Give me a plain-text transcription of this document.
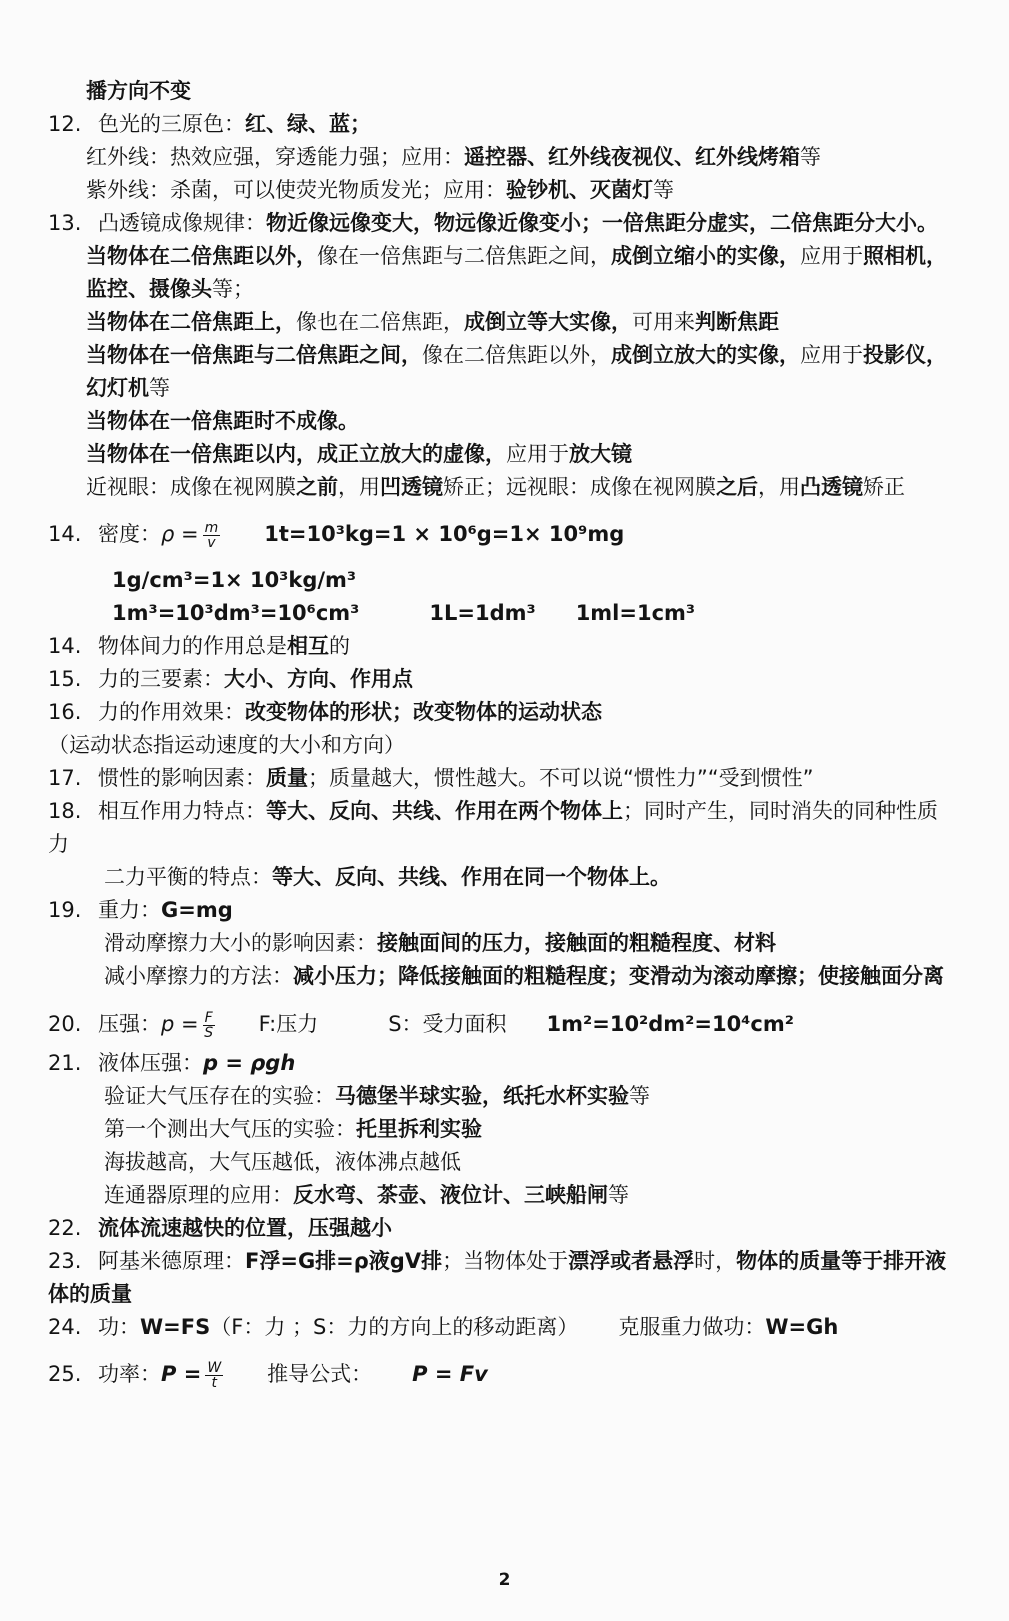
播方向不变
12. 色光的三原色：红、绿、蓝；
红外线：热效应强，穿透能力强；应用：遥控器、红外线夜视仪、红外线烤箱等
紫外线：杀菌，可以使荧光物质发光；应用：验钞机、灭菌灯等
13. 凸透镜成像规律：物近像远像变大，物远像近像变小；一倍焦距分虚实，二倍焦距分大小。
当物体在二倍焦距以外，像在一倍焦距与二倍焦距之间，成倒立缩小的实像，应用于照相机，监控、摄像头等；
当物体在二倍焦距上，像也在二倍焦距，成倒立等大实像，可用来判断焦距
当物体在一倍焦距与二倍焦距之间，像在二倍焦距以外，成倒立放大的实像，应用于投影仪，幻灯机等
当物体在一倍焦距时不成像。
当物体在一倍焦距以内，成正立放大的虚像，应用于放大镜
近视眼：成像在视网膜之前，用凹透镜矫正；远视眼：成像在视网膜之后，用凸透镜矫正
14. 密度：$\rho = \frac{m}{v} 1t=10^3kg=1 \times 10^6g=1\times 10^9mg$
1g/cm³=1× 10³kg/m³
1m³=10³dm³=10⁶cm³	1L=1dm³ 1ml=1cm³
14. 物体间力的作用总是相互的
15. 力的三要素：大小、方向、作用点
16. 力的作用效果：改变物体的形状；改变物体的运动状态（运动状态指运动速度的大小和方向）
17. 惯性的影响因素：质量；质量越大，惯性越大。不可以说“惯性力”“受到惯性”
18. 相互作用力特点：等大、反向、共线、作用在两个物体上；同时产生，同时消失的同种性质力
二力平衡的特点：等大、反向、共线、作用在同一个物体上。
19. 重力：G=mg
滑动摩擦力大小的影响因素：接触面间的压力，接触面的粗糙程度、材料
减小摩擦力的方法：减小压力；降低接触面的粗糙程度；变滑动为滚动摩擦；使接触面分离
20. 压强：$p = \frac{F}{S} F$:压力	S：受力面积 1m²=10²dm²=10⁴cm²
21. 液体压强：p = ρgh
验证大气压存在的实验：马德堡半球实验，纸托水杯实验等
第一个测出大气压的实验：托里拆利实验
海拔越高，大气压越低，液体沸点越低
连通器原理的应用：反水弯、茶壶、液位计、三峡船闸等
22. 流体流速越快的位置，压强越小
23. 阿基米德原理：F浮=G排=ρ液gV排；当物体处于漂浮或者悬浮时，物体的质量等于排开液体的质量
24. 功：W=FS（F：力 ；S：力的方向上的移动距离） 克服重力做功：W=Gh
25. 功率：$P = \frac{W}{t}$ 推导公式： P = Fv
2
